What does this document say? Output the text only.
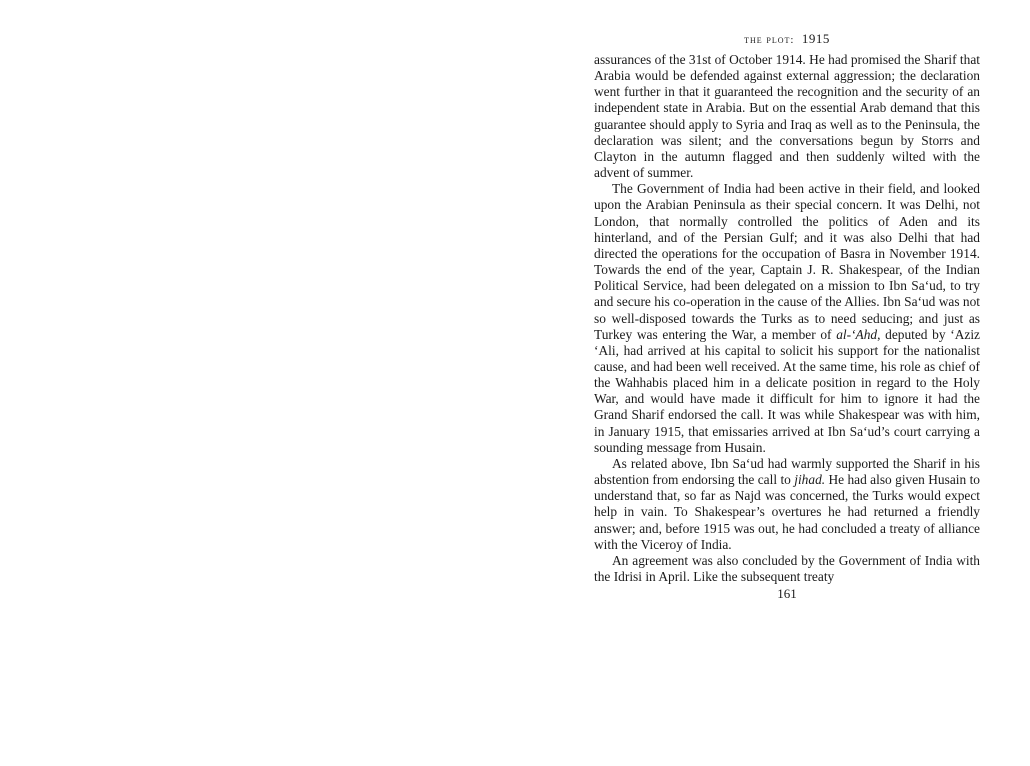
the plot: 1915

assurances of the 31st of October 1914. He had promised the Sharif that Arabia would be defended against external aggression; the declaration went further in that it guaranteed the recognition and the security of an independent state in Arabia. But on the essential Arab demand that this guarantee should apply to Syria and Iraq as well as to the Peninsula, the declaration was silent; and the conversations begun by Storrs and Clayton in the autumn flagged and then suddenly wilted with the advent of summer.

The Government of India had been active in their field, and looked upon the Arabian Peninsula as their special concern. It was Delhi, not London, that normally controlled the politics of Aden and its hinterland, and of the Persian Gulf; and it was also Delhi that had directed the operations for the occupation of Basra in November 1914. Towards the end of the year, Captain J. R. Shakespear, of the Indian Political Service, had been delegated on a mission to Ibn Sa‘ud, to try and secure his co-operation in the cause of the Allies. Ibn Sa‘ud was not so well-disposed towards the Turks as to need seducing; and just as Turkey was entering the War, a member of al-‘Ahd, deputed by ‘Aziz ‘Ali, had arrived at his capital to solicit his support for the nationalist cause, and had been well received. At the same time, his role as chief of the Wahhabis placed him in a delicate position in regard to the Holy War, and would have made it difficult for him to ignore it had the Grand Sharif endorsed the call. It was while Shakespear was with him, in January 1915, that emissaries arrived at Ibn Sa‘ud’s court carrying a sounding message from Husain.

As related above, Ibn Sa‘ud had warmly supported the Sharif in his abstention from endorsing the call to jihad. He had also given Husain to understand that, so far as Najd was concerned, the Turks would expect help in vain. To Shakespear’s overtures he had returned a friendly answer; and, before 1915 was out, he had concluded a treaty of alliance with the Viceroy of India.

An agreement was also concluded by the Government of India with the Idrisi in April. Like the subsequent treaty

161
